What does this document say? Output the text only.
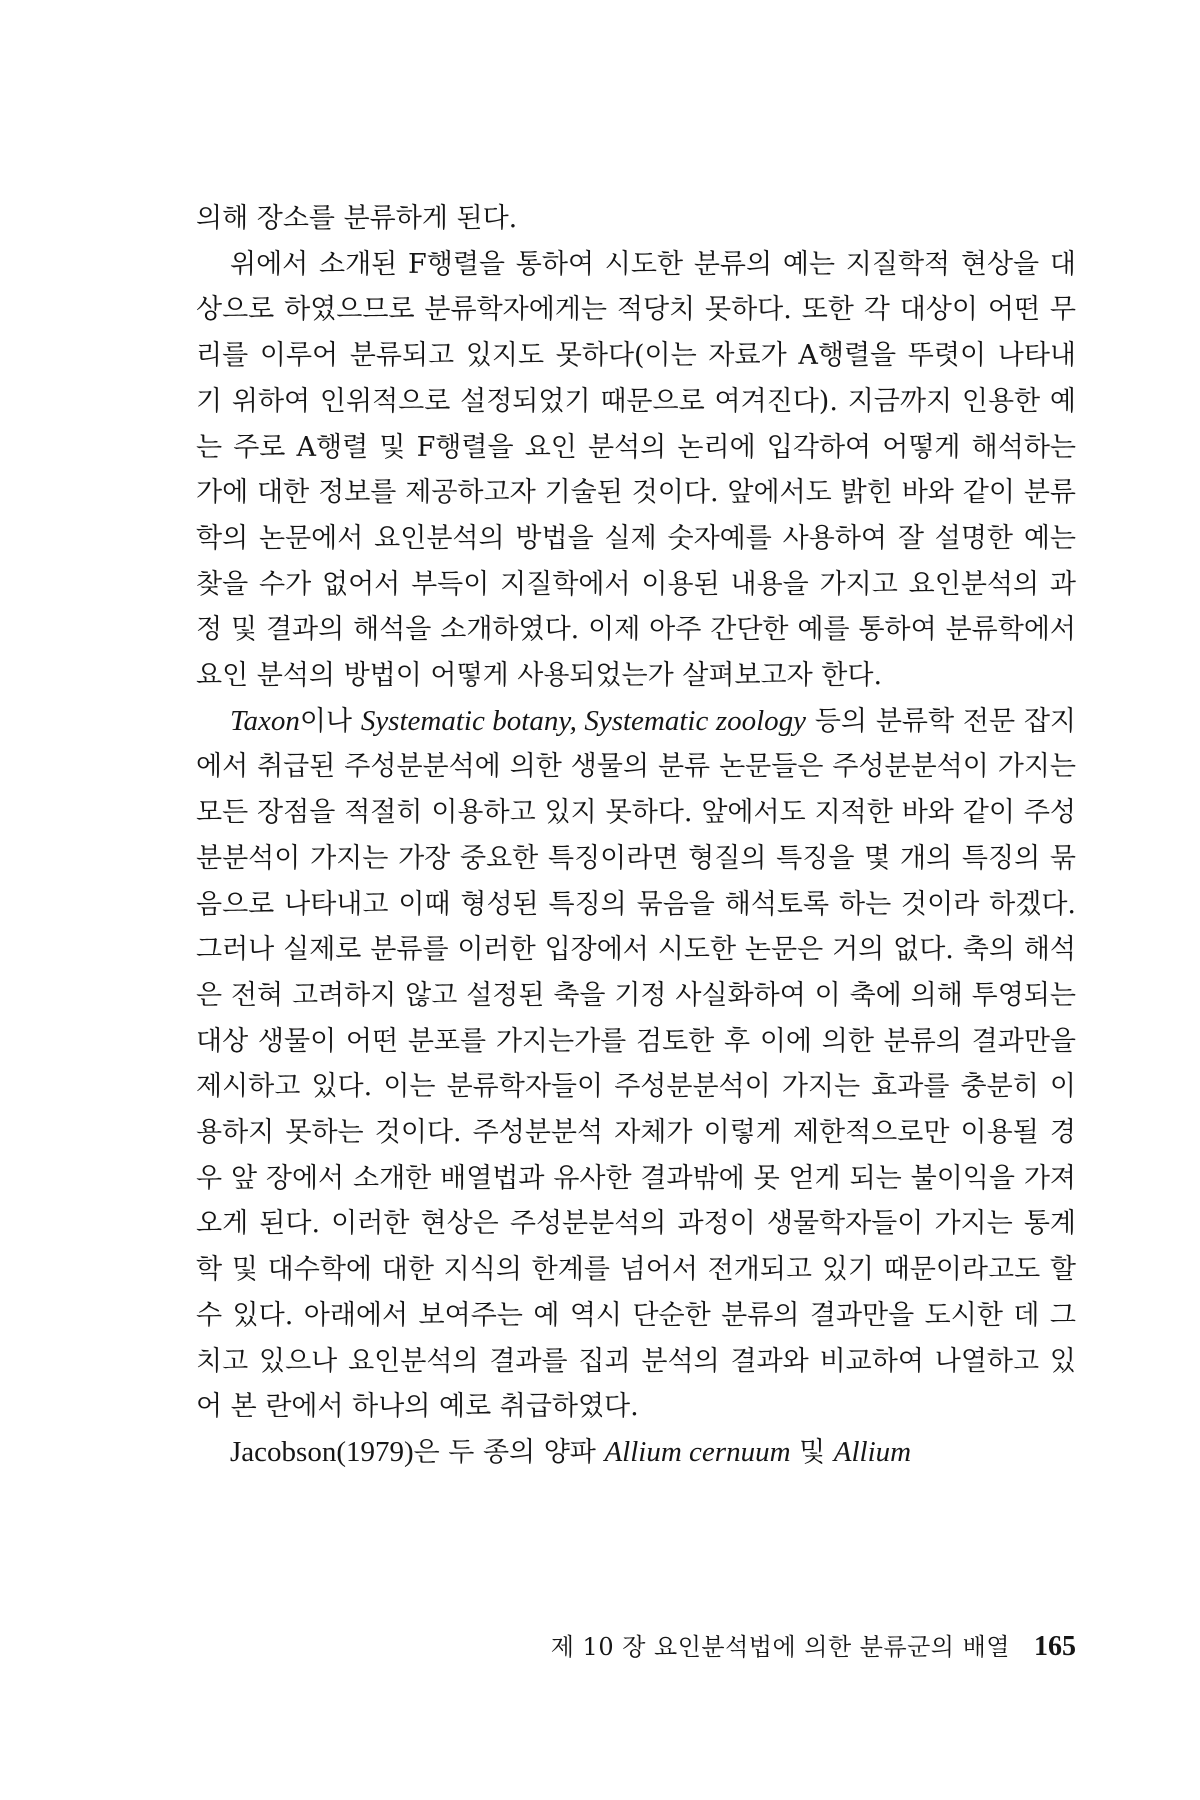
의해 장소를 분류하게 된다.

위에서 소개된 F행렬을 통하여 시도한 분류의 예는 지질학적 현상을 대상으로 하였으므로 분류학자에게는 적당치 못하다. 또한 각 대상이 어떤 무리를 이루어 분류되고 있지도 못하다(이는 자료가 A행렬을 뚜렷이 나타내기 위하여 인위적으로 설정되었기 때문으로 여겨진다). 지금까지 인용한 예는 주로 A행렬 및 F행렬을 요인 분석의 논리에 입각하여 어떻게 해석하는 가에 대한 정보를 제공하고자 기술된 것이다. 앞에서도 밝힌 바와 같이 분류학의 논문에서 요인분석의 방법을 실제 숫자예를 사용하여 잘 설명한 예는 찾을 수가 없어서 부득이 지질학에서 이용된 내용을 가지고 요인분석의 과정 및 결과의 해석을 소개하였다. 이제 아주 간단한 예를 통하여 분류학에서 요인 분석의 방법이 어떻게 사용되었는가 살펴보고자 한다.

Taxon이나 Systematic botany, Systematic zoology 등의 분류학 전문 잡지에서 취급된 주성분분석에 의한 생물의 분류 논문들은 주성분분석이 가지는 모든 장점을 적절히 이용하고 있지 못하다. 앞에서도 지적한 바와 같이 주성분분석이 가지는 가장 중요한 특징이라면 형질의 특징을 몇 개의 특징의 묶음으로 나타내고 이때 형성된 특징의 묶음을 해석토록 하는 것이라 하겠다. 그러나 실제로 분류를 이러한 입장에서 시도한 논문은 거의 없다. 축의 해석은 전혀 고려하지 않고 설정된 축을 기정 사실화하여 이 축에 의해 투영되는 대상 생물이 어떤 분포를 가지는가를 검토한 후 이에 의한 분류의 결과만을 제시하고 있다. 이는 분류학자들이 주성분분석이 가지는 효과를 충분히 이용하지 못하는 것이다. 주성분분석 자체가 이렇게 제한적으로만 이용될 경우 앞 장에서 소개한 배열법과 유사한 결과밖에 못 얻게 되는 불이익을 가져오게 된다. 이러한 현상은 주성분분석의 과정이 생물학자들이 가지는 통계학 및 대수학에 대한 지식의 한계를 넘어서 전개되고 있기 때문이라고도 할 수 있다. 아래에서 보여주는 예 역시 단순한 분류의 결과만을 도시한 데 그치고 있으나 요인분석의 결과를 집괴 분석의 결과와 비교하여 나열하고 있어 본 란에서 하나의 예로 취급하였다.

Jacobson(1979)은 두 종의 양파 Allium cernuum 및 Allium

제 10 장 요인분석법에 의한 분류군의 배열 165
